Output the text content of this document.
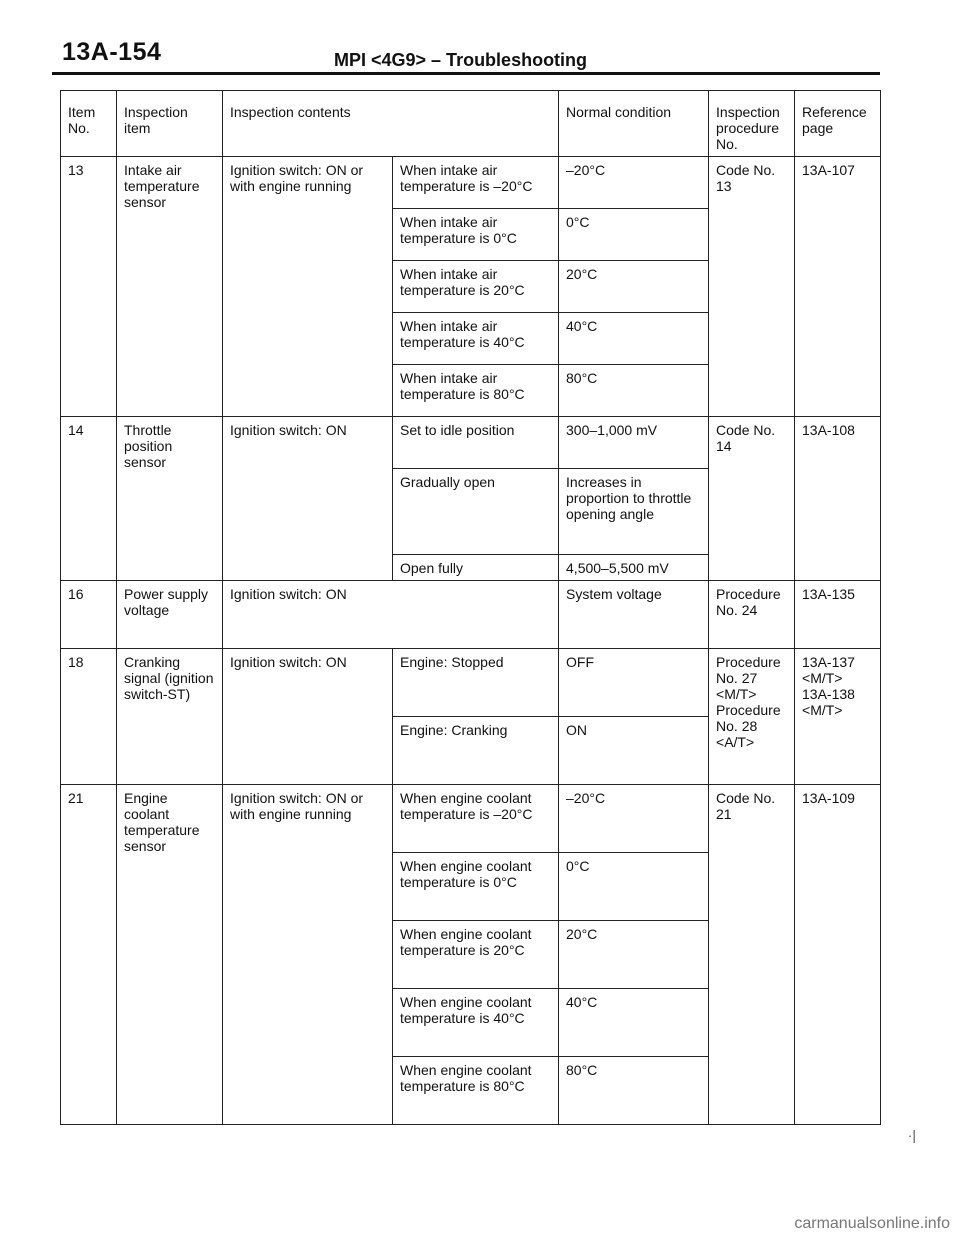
13A-154	MPI <4G9> – Troubleshooting
Item No.	Inspection item	Inspection contents		Normal condition	Inspection procedure No.	Reference page
13	Intake air temperature sensor	Ignition switch: ON or with engine running	When intake air temperature is –20°C	–20°C	Code No. 13	13A-107
			When intake air temperature is 0°C	0°C		
			When intake air temperature is 20°C	20°C		
			When intake air temperature is 40°C	40°C		
			When intake air temperature is 80°C	80°C		
14	Throttle position sensor	Ignition switch: ON	Set to idle position	300–1,000 mV	Code No. 14	13A-108
			Gradually open	Increases in proportion to throttle opening angle		
			Open fully	4,500–5,500 mV		
16	Power supply voltage	Ignition switch: ON		System voltage	Procedure No. 24	13A-135
18	Cranking signal (ignition switch-ST)	Ignition switch: ON	Engine: Stopped	OFF	Procedure No. 27 <M/T> Procedure No. 28 <A/T>	13A-137 <M/T> 13A-138 <M/T>
			Engine: Cranking	ON		
21	Engine coolant temperature sensor	Ignition switch: ON or with engine running	When engine coolant temperature is –20°C	–20°C	Code No. 21	13A-109
			When engine coolant temperature is 0°C	0°C		
			When engine coolant temperature is 20°C	20°C		
			When engine coolant temperature is 40°C	40°C		
			When engine coolant temperature is 80°C	80°C		
·|
carmanualsonline.info
